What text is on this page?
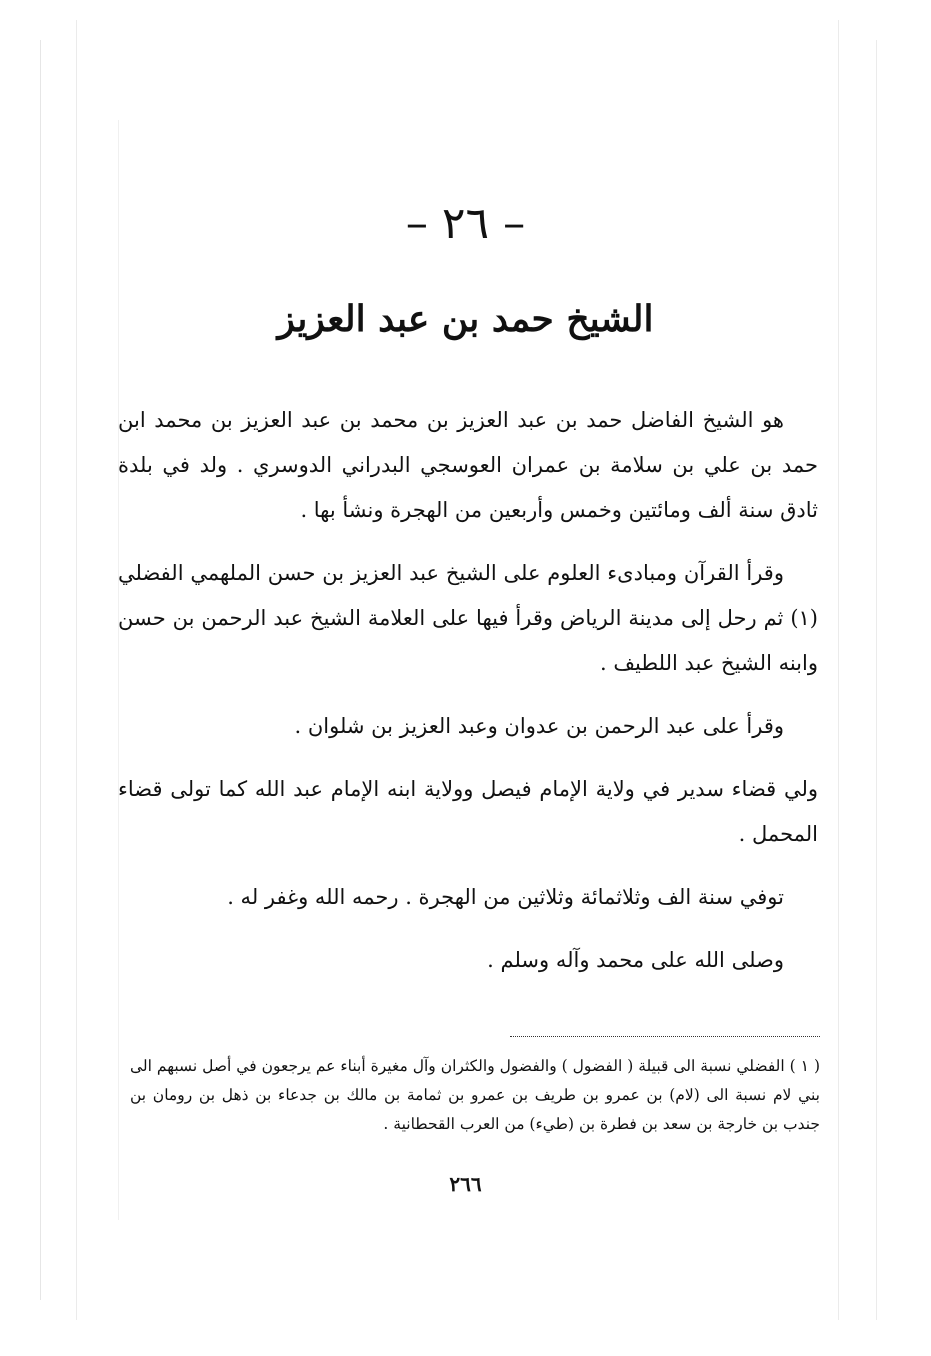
– ٢٦ –
الشيخ حمد بن عبد العزيز

هو الشيخ الفاضل حمد بن عبد العزيز بن محمد بن عبد العزيز بن محمد ابن حمد بن علي بن سلامة بن عمران العوسجي البدراني الدوسري . ولد في بلدة ثادق سنة ألف ومائتين وخمس وأربعين من الهجرة ونشأ بها .

وقرأ القرآن ومبادىء العلوم على الشيخ عبد العزيز بن حسن الملهمي الفضلي (١) ثم رحل إلى مدينة الرياض وقرأ فيها على العلامة الشيخ عبد الرحمن بن حسن وابنه الشيخ عبد اللطيف .

وقرأ على عبد الرحمن بن عدوان وعبد العزيز بن شلوان .

ولي قضاء سدير في ولاية الإمام فيصل وولاية ابنه الإمام عبد الله كما تولى قضاء المحمل .

توفي سنة الف وثلاثمائة وثلاثين من الهجرة . رحمه الله وغفر له .

وصلى الله على محمد وآله وسلم .

( ١ ) الفضلي نسبة الى قبيلة ( الفضول ) والفضول والكثران وآل مغيرة أبناء عم يرجعون في أصل نسبهم الى بني لام نسبة الى (لام) بن عمرو بن طريف بن عمرو بن ثمامة بن مالك بن جدعاء بن ذهل بن رومان بن جندب بن خارجة بن سعد بن فطرة بن (طيء) من العرب القحطانية .
٢٦٦
